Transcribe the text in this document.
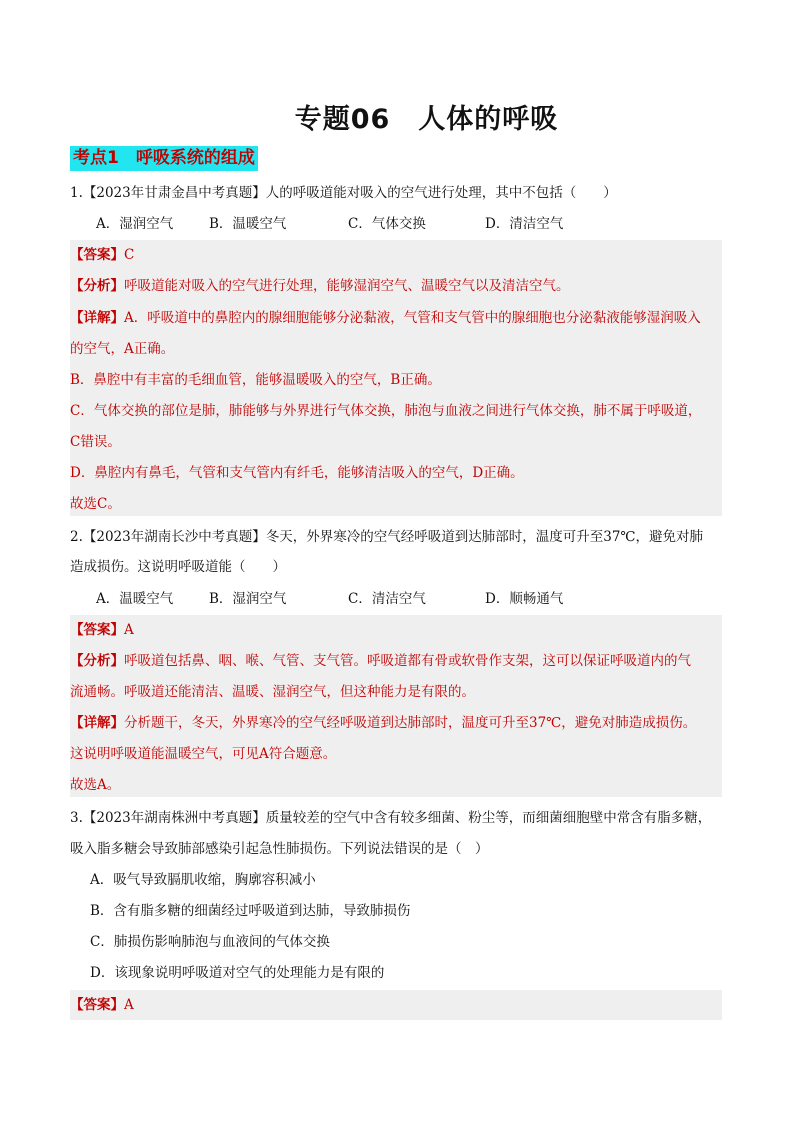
专题06　人体的呼吸
考点1　呼吸系统的组成
1.【2023年甘肃金昌中考真题】人的呼吸道能对吸入的空气进行处理，其中不包括（　　）
A．湿润空气	B．温暖空气	C．气体交换	D．清洁空气
【答案】C
【分析】呼吸道能对吸入的空气进行处理，能够湿润空气、温暖空气以及清洁空气。
【详解】A．呼吸道中的鼻腔内的腺细胞能够分泌黏液，气管和支气管中的腺细胞也分泌黏液能够湿润吸入
的空气，A正确。
B．鼻腔中有丰富的毛细血管，能够温暖吸入的空气，B正确。
C．气体交换的部位是肺，肺能够与外界进行气体交换，肺泡与血液之间进行气体交换，肺不属于呼吸道，
C错误。
D．鼻腔内有鼻毛，气管和支气管内有纤毛，能够清洁吸入的空气，D正确。
故选C。
2.【2023年湖南长沙中考真题】冬天，外界寒冷的空气经呼吸道到达肺部时，温度可升至37℃，避免对肺
造成损伤。这说明呼吸道能（　　）
A．温暖空气	B．湿润空气	C．清洁空气	D．顺畅通气
【答案】A
【分析】呼吸道包括鼻、咽、喉、气管、支气管。呼吸道都有骨或软骨作支架，这可以保证呼吸道内的气
流通畅。呼吸道还能清洁、温暖、湿润空气，但这种能力是有限的。
【详解】分析题干，冬天，外界寒冷的空气经呼吸道到达肺部时，温度可升至37℃，避免对肺造成损伤。
这说明呼吸道能温暖空气，可见A符合题意。
故选A。
3.【2023年湖南株洲中考真题】质量较差的空气中含有较多细菌、粉尘等，而细菌细胞壁中常含有脂多糖，
吸入脂多糖会导致肺部感染引起急性肺损伤。下列说法错误的是（　）
A．吸气导致膈肌收缩，胸廓容积减小
B．含有脂多糖的细菌经过呼吸道到达肺，导致肺损伤
C．肺损伤影响肺泡与血液间的气体交换
D．该现象说明呼吸道对空气的处理能力是有限的
【答案】A
